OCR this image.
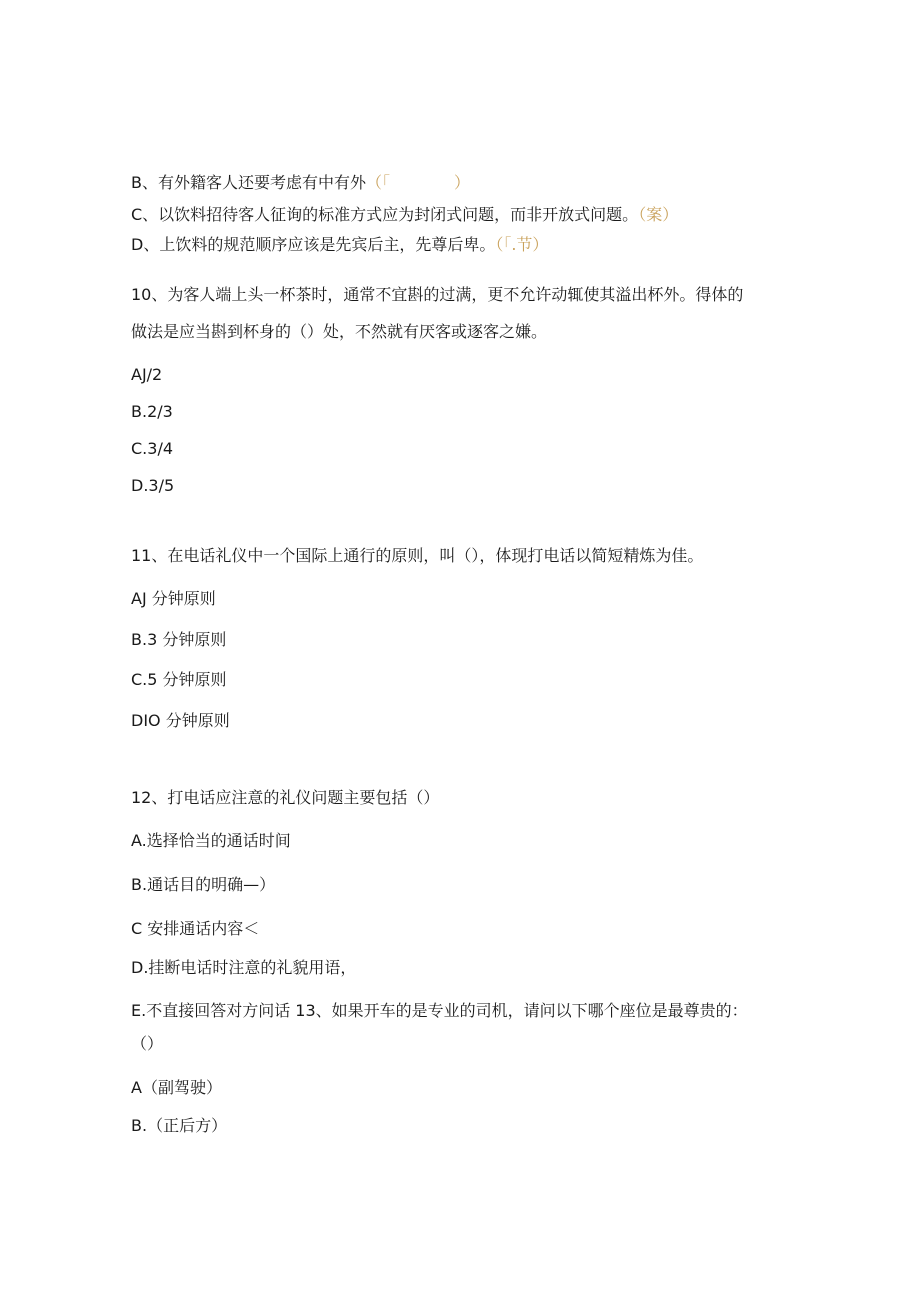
B、有外籍客人还要考虑有中有外（「　　　　）
C、以饮料招待客人征询的标准方式应为封闭式问题，而非开放式问题。（案）
D、上饮料的规范顺序应该是先宾后主，先尊后卑。（「.节）
10、为客人端上头一杯茶时，通常不宜斟的过满，更不允许动辄使其溢出杯外。得体的
做法是应当斟到杯身的（）处，不然就有厌客或逐客之嫌。
AJ/2
B.2/3
C.3/4
D.3/5
11、在电话礼仪中一个国际上通行的原则，叫（），体现打电话以简短精炼为佳。
AJ 分钟原则
B.3 分钟原则
C.5 分钟原则
DIO 分钟原则
12、打电话应注意的礼仪问题主要包括（）
A.选择恰当的通话时间
B.通话目的明确—）
C 安排通话内容＜
D.挂断电话时注意的礼貌用语，
E.不直接回答对方问话 13、如果开车的是专业的司机，请问以下哪个座位是最尊贵的：
（）
A（副驾驶）
B.（正后方）
